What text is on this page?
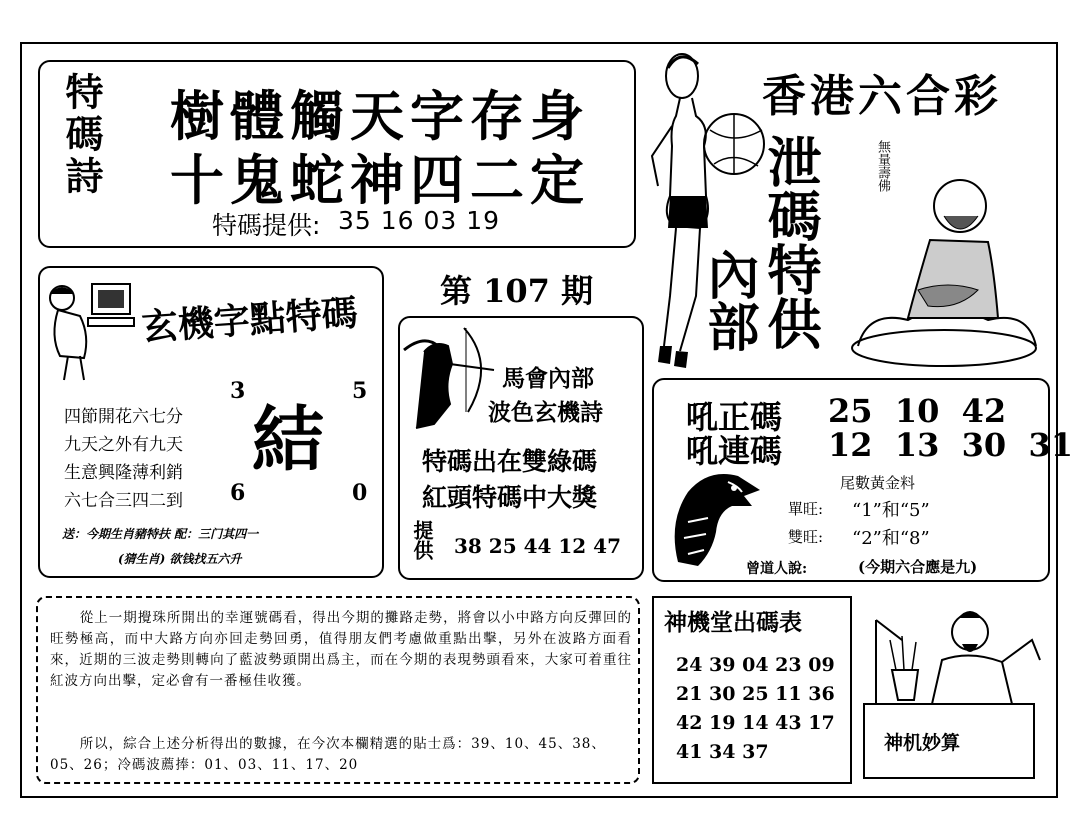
特碼詩 樹體觸天字存身
十鬼蛇神四二定
特碼提供: 35 16 03 19
第 107 期
香港六合彩
泄碼特供
內部
無量壽佛
玄機字點特碼
四節開花六七分
九天之外有九天
生意興隆薄利銷
六七合三四二到
3	5
6	0
結
送：今期生肖豬特扶 配：三门其四一
(猜生肖) 欲钱找五六升
馬會內部
波色玄機詩
特碼出在雙綠碼
紅頭特碼中大獎
提供 38 25 44 12 47
吼正碼 25  10  42
吼連碼 12  13  30  31
尾數黃金料
單旺: “1”和“5”
雙旺: “2”和“8”
曾道人說:	(今期六合應是九)
從上一期攪珠所開出的幸運號碼看，得出今期的攤路走勢，將會以小中路方向反彈回的旺勢極高，而中大路方向亦回走勢回勇，值得朋友們考慮做重點出擊，另外在波路方面看來，近期的三波走勢則轉向了藍波勢頭開出爲主，而在今期的表現勢頭看來，大家可着重往紅波方向出擊，定必會有一番極佳收獲。
所以，綜合上述分析得出的數據，在今次本欄精選的貼士爲：39、10、45、38、05、26；冷碼波薦捧：01、03、11、17、20
神機堂出碼表
24 39 04 23 09
21 30 25 11 36
42 19 14 43 17
41 34 37	神机妙算
